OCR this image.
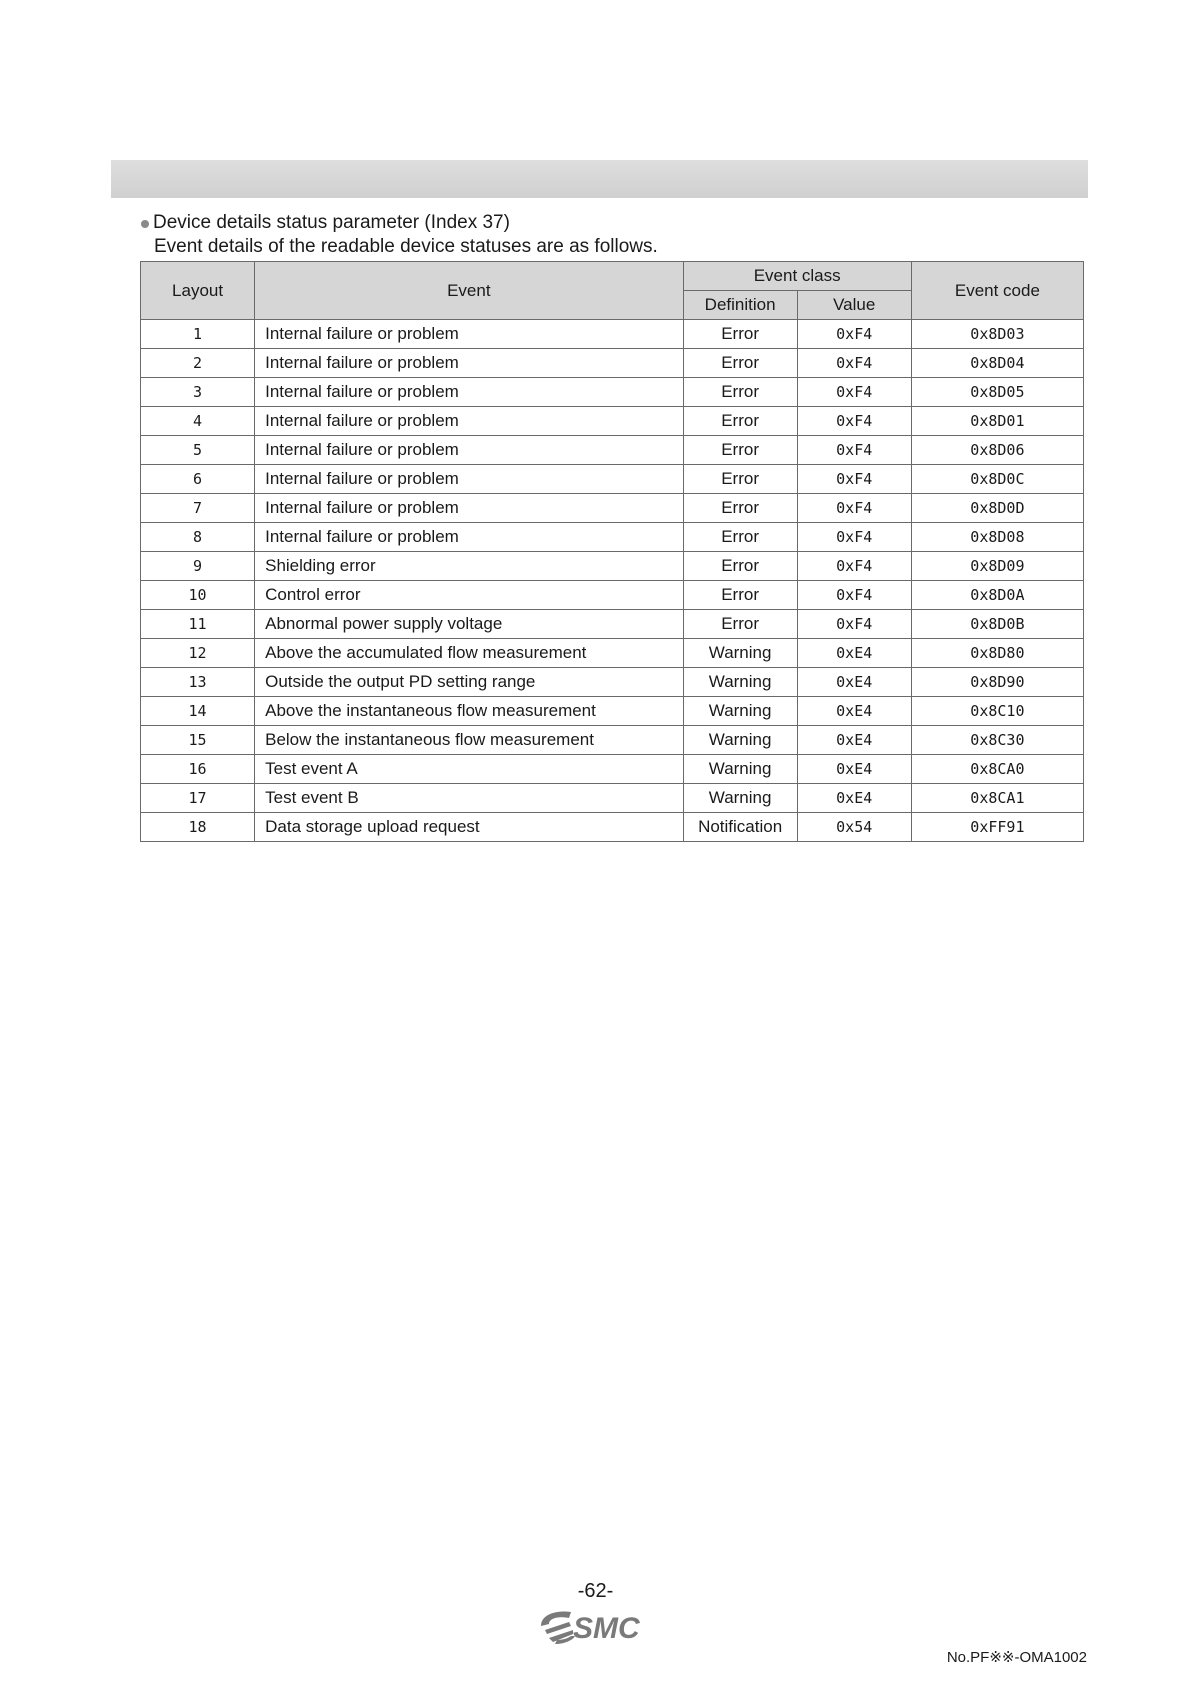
Device details status parameter (Index 37)
Event details of the readable device statuses are as follows.
Layout	Event	Event class		Event code
		Definition	Value	
1	Internal failure or problem	Error	0xF4	0x8D03
2	Internal failure or problem	Error	0xF4	0x8D04
3	Internal failure or problem	Error	0xF4	0x8D05
4	Internal failure or problem	Error	0xF4	0x8D01
5	Internal failure or problem	Error	0xF4	0x8D06
6	Internal failure or problem	Error	0xF4	0x8D0C
7	Internal failure or problem	Error	0xF4	0x8D0D
8	Internal failure or problem	Error	0xF4	0x8D08
9	Shielding error	Error	0xF4	0x8D09
10	Control error	Error	0xF4	0x8D0A
11	Abnormal power supply voltage	Error	0xF4	0x8D0B
12	Above the accumulated flow measurement	Warning	0xE4	0x8D80
13	Outside the output PD setting range	Warning	0xE4	0x8D90
14	Above the instantaneous flow measurement	Warning	0xE4	0x8C10
15	Below the instantaneous flow measurement	Warning	0xE4	0x8C30
16	Test event A	Warning	0xE4	0x8CA0
17	Test event B	Warning	0xE4	0x8CA1
18	Data storage upload request	Notification	0x54	0xFF91
-62-
SMC
No.PF※※-OMA1002
